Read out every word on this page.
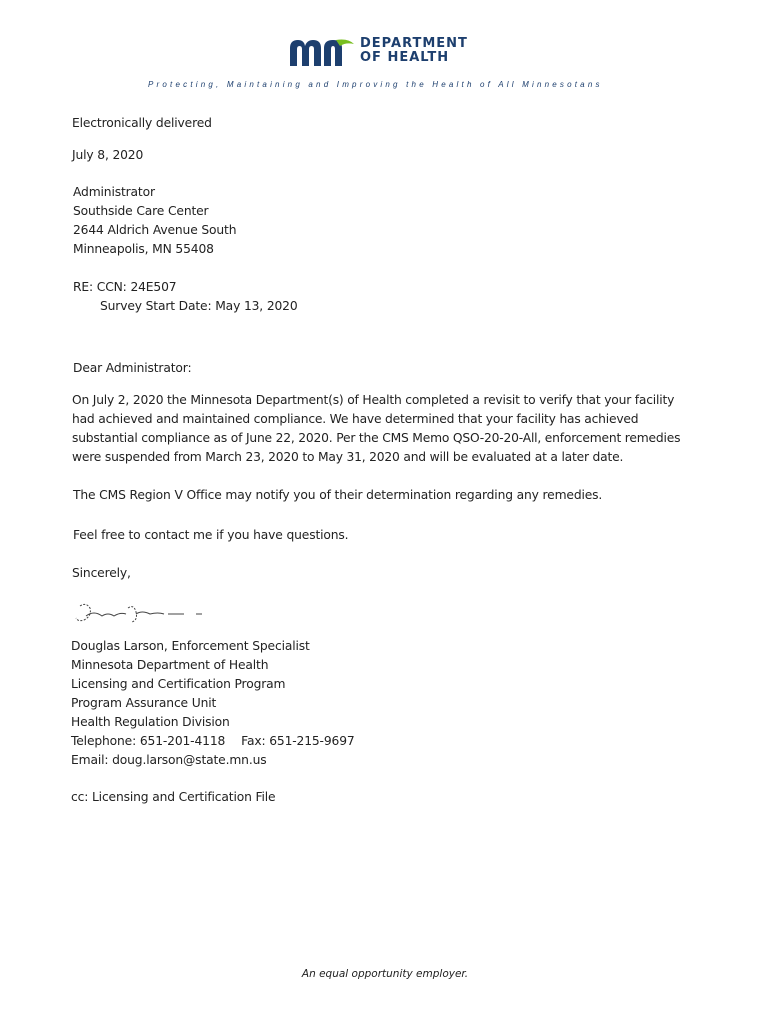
DEPARTMENT
OF HEALTH
Protecting, Maintaining and Improving the Health of All Minnesotans
Electronically delivered
July 8, 2020
Administrator
Southside Care Center
2644 Aldrich Avenue South
Minneapolis, MN 55408
RE: CCN: 24E507
Survey Start Date: May 13, 2020
Dear Administrator:
On July 2, 2020 the Minnesota Department(s) of Health completed a revisit to verify that your facility
had achieved and maintained compliance. We have determined that your facility has achieved
substantial compliance as of June 22, 2020. Per the CMS Memo QSO-20-20-All, enforcement remedies
were suspended from March 23, 2020 to May 31, 2020 and will be evaluated at a later date.
The CMS Region V Office may notify you of their determination regarding any remedies.
Feel free to contact me if you have questions.
Sincerely,
Douglas Larson, Enforcement Specialist
Minnesota Department of Health
Licensing and Certification Program
Program Assurance Unit
Health Regulation Division
Telephone: 651-201-4118 Fax: 651-215-9697
Email: doug.larson@state.mn.us
cc: Licensing and Certification File
An equal opportunity employer.
